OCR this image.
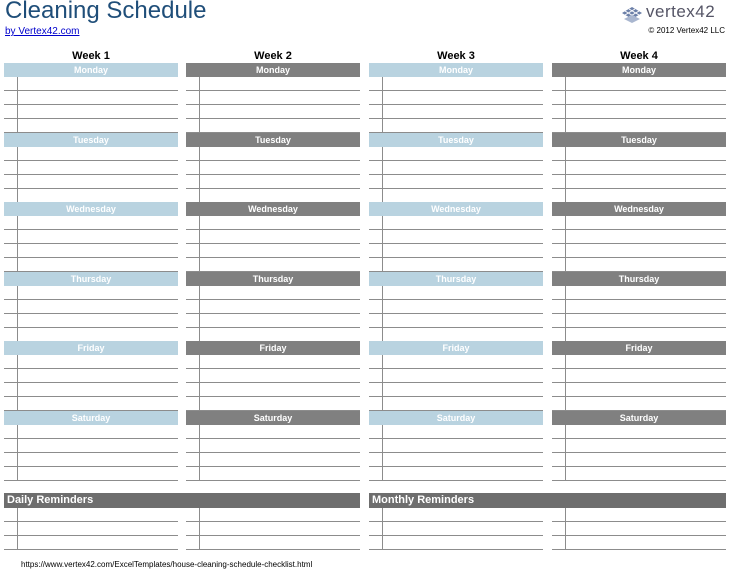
Cleaning Schedule
by Vertex42.com
vertex42
© 2012 Vertex42 LLC
Week 1
Monday
Tuesday
Wednesday
Thursday
Friday
Saturday
Week 2
Monday
Tuesday
Wednesday
Thursday
Friday
Saturday
Week 3
Monday
Tuesday
Wednesday
Thursday
Friday
Saturday
Week 4
Monday
Tuesday
Wednesday
Thursday
Friday
Saturday
Daily Reminders	Monthly Reminders
https://www.vertex42.com/ExcelTemplates/house-cleaning-schedule-checklist.html
